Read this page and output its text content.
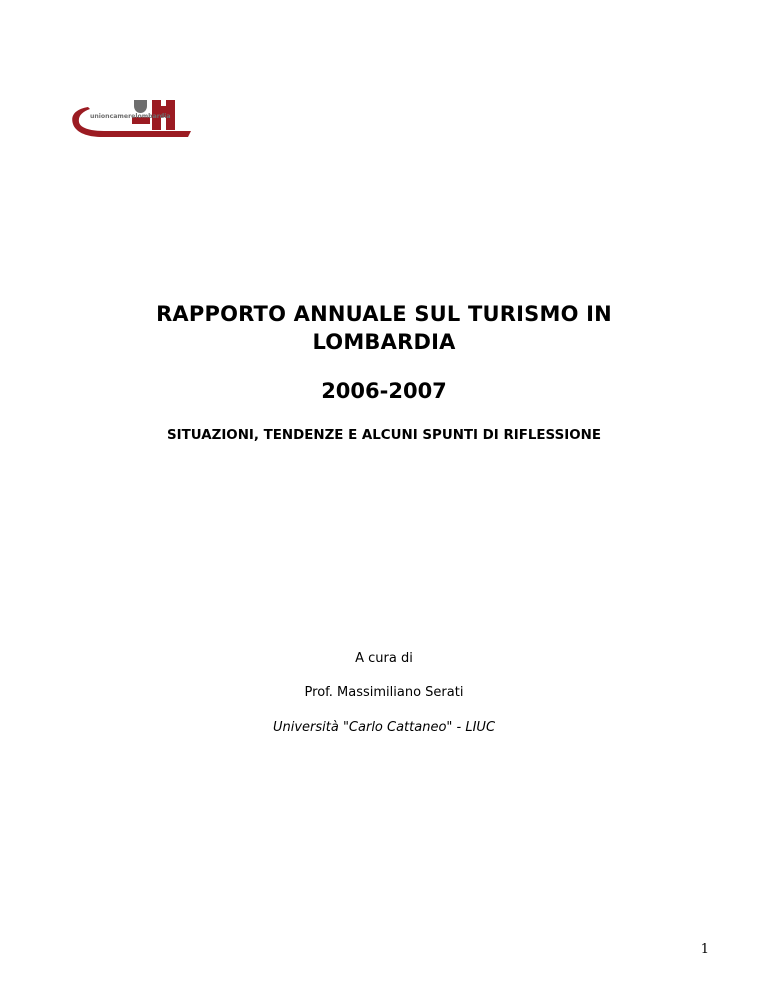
unioncamerelombardia
RAPPORTO ANNUALE SUL TURISMO IN
LOMBARDIA
2006-2007
SITUAZIONI, TENDENZE E ALCUNI SPUNTI DI RIFLESSIONE
A cura di
Prof. Massimiliano Serati
Università "Carlo Cattaneo" - LIUC
1
